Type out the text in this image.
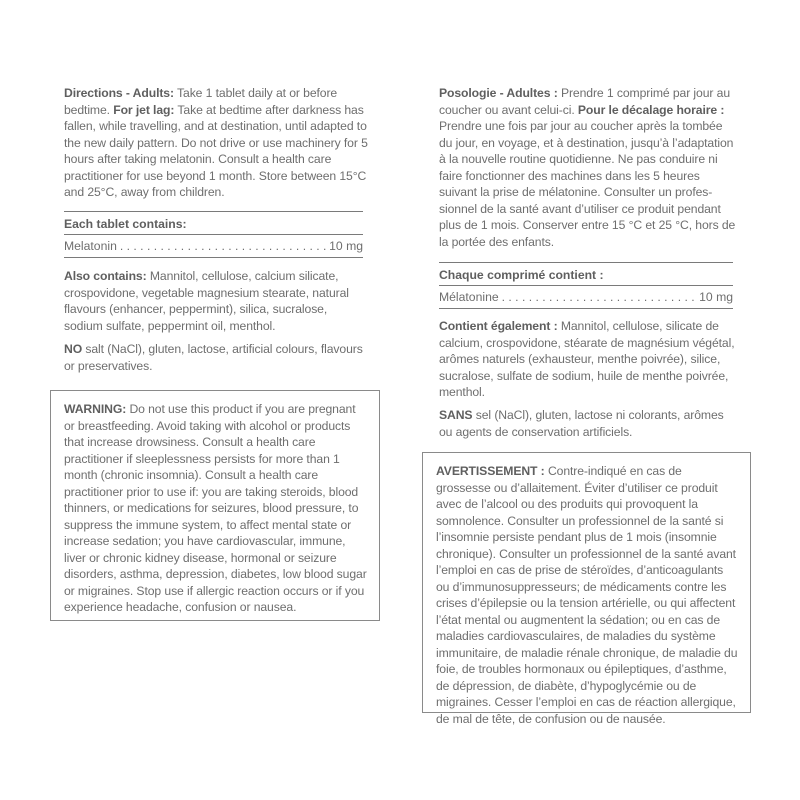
Directions - Adults: Take 1 tablet daily at or before bedtime. For jet lag: Take at bedtime after darkness has fallen, while travelling, and at destination, until adapted to the new daily pattern. Do not drive or use machinery for 5 hours after taking melatonin. Consult a health care practitioner for use beyond 1 month. Store between 15°C and 25°C, away from children.

Each tablet contains:
Melatonin . . .	10 mg

Also contains: Mannitol, cellulose, calcium silicate, crospovidone, vegetable magnesium stearate, natural flavours (enhancer, peppermint), silica, sucralose, sodium sulfate, peppermint oil, menthol.

NO salt (NaCl), gluten, lactose, artificial colours, flavours or preservatives.

WARNING: Do not use this product if you are pregnant or breastfeeding. Avoid taking with alcohol or products that increase drowsiness. Consult a health care practitioner if sleeplessness persists for more than 1 month (chronic insomnia). Consult a health care practitioner prior to use if: you are taking steroids, blood thinners, or medications for seizures, blood pressure, to suppress the immune system, to affect mental state or increase sedation; you have cardiovascular, immune, liver or chronic kidney disease, hormonal or seizure disorders, asthma, depression, diabetes, low blood sugar or migraines. Stop use if allergic reaction occurs or if you experience headache, confusion or nausea.

Posologie - Adultes : Prendre 1 comprimé par jour au coucher ou avant celui-ci. Pour le décalage horaire : Prendre une fois par jour au coucher après la tombée du jour, en voyage, et à destination, jusqu’à l’adaptation à la nouvelle routine quotidienne. Ne pas conduire ni faire fonctionner des machines dans les 5 heures suivant la prise de mélatonine. Consulter un professionnel de la santé avant d’utiliser ce produit pendant plus de 1 mois. Conserver entre 15 °C et 25 °C, hors de la portée des enfants.

Chaque comprimé contient :
Mélatonine . . .	10 mg

Contient également : Mannitol, cellulose, silicate de calcium, crospovidone, stéarate de magnésium végétal, arômes naturels (exhausteur, menthe poivrée), silice, sucralose, sulfate de sodium, huile de menthe poivrée, menthol.

SANS sel (NaCl), gluten, lactose ni colorants, arômes ou agents de conservation artificiels.

AVERTISSEMENT : Contre-indiqué en cas de grossesse ou d’allaitement. Éviter d’utiliser ce produit avec de l’alcool ou des produits qui provoquent la somnolence. Consulter un professionnel de la santé si l’insomnie persiste pendant plus de 1 mois (insomnie chronique). Consulter un professionnel de la santé avant l’emploi en cas de prise de stéroïdes, d’anticoagulants ou d’immunosuppresseurs; de médicaments contre les crises d’épilepsie ou la tension artérielle, ou qui affectent l’état mental ou augmentent la sédation; ou en cas de maladies cardiovasculaires, de maladies du système immunitaire, de maladie rénale chronique, de maladie du foie, de troubles hormonaux ou épileptiques, d’asthme, de dépression, de diabète, d’hypoglycémie ou de migraines. Cesser l’emploi en cas de réaction allergique, de mal de tête, de confusion ou de nausée.
